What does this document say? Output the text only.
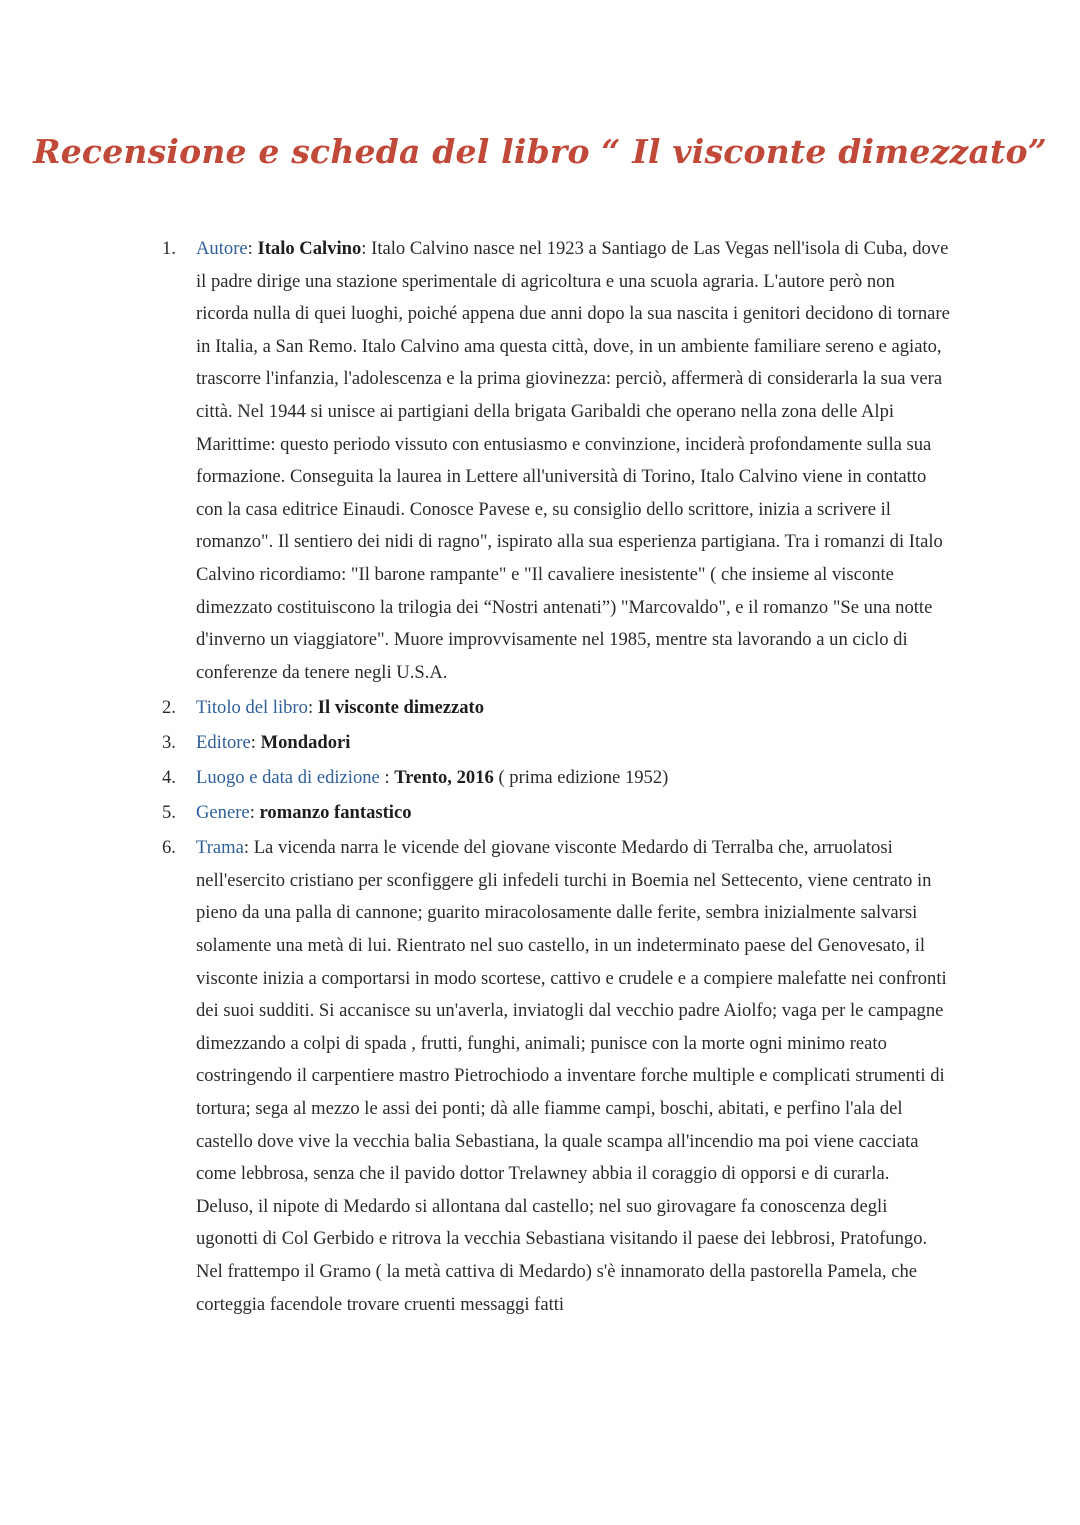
Recensione e scheda del libro “ Il visconte dimezzato”
1. Autore: Italo Calvino: Italo Calvino nasce nel 1923 a Santiago de Las Vegas nell'isola di Cuba, dove il padre dirige una stazione sperimentale di agricoltura e una scuola agraria. L'autore però non ricorda nulla di quei luoghi, poiché appena due anni dopo la sua nascita i genitori decidono di tornare in Italia, a San Remo. Italo Calvino ama questa città, dove, in un ambiente familiare sereno e agiato, trascorre l'infanzia, l'adolescenza e la prima giovinezza: perciò, affermerà di considerarla la sua vera città. Nel 1944 si unisce ai partigiani della brigata Garibaldi che operano nella zona delle Alpi Marittime: questo periodo vissuto con entusiasmo e convinzione, inciderà profondamente sulla sua formazione. Conseguita la laurea in Lettere all'università di Torino, Italo Calvino viene in contatto con la casa editrice Einaudi. Conosce Pavese e, su consiglio dello scrittore, inizia a scrivere il romanzo". Il sentiero dei nidi di ragno", ispirato alla sua esperienza partigiana. Tra i romanzi di Italo Calvino ricordiamo: "Il barone rampante" e "Il cavaliere inesistente" ( che insieme al visconte dimezzato costituiscono la trilogia dei “Nostri antenati”) "Marcovaldo", e il romanzo "Se una notte d'inverno un viaggiatore". Muore improvvisamente nel 1985, mentre sta lavorando a un ciclo di conferenze da tenere negli U.S.A.
2. Titolo del libro: Il visconte dimezzato
3. Editore: Mondadori
4. Luogo e data di edizione : Trento, 2016 ( prima edizione 1952)
5. Genere: romanzo fantastico
6. Trama: La vicenda narra le vicende del giovane visconte Medardo di Terralba che, arruolatosi nell'esercito cristiano per sconfiggere gli infedeli turchi in Boemia nel Settecento, viene centrato in pieno da una palla di cannone; guarito miracolosamente dalle ferite, sembra inizialmente salvarsi solamente una metà di lui. Rientrato nel suo castello, in un indeterminato paese del Genovesato, il visconte inizia a comportarsi in modo scortese, cattivo e crudele e a compiere malefatte nei confronti dei suoi sudditi. Si accanisce su un'averla, inviatogli dal vecchio padre Aiolfo; vaga per le campagne dimezzando a colpi di spada , frutti, funghi, animali; punisce con la morte ogni minimo reato costringendo il carpentiere mastro Pietrochiodo a inventare forche multiple e complicati strumenti di tortura; sega al mezzo le assi dei ponti; dà alle fiamme campi, boschi, abitati, e perfino l'ala del castello dove vive la vecchia balia Sebastiana, la quale scampa all'incendio ma poi viene cacciata come lebbrosa, senza che il pavido dottor Trelawney abbia il coraggio di opporsi e di curarla. Deluso, il nipote di Medardo si allontana dal castello; nel suo girovagare fa conoscenza degli ugonotti di Col Gerbido e ritrova la vecchia Sebastiana visitando il paese dei lebbrosi, Pratofungo. Nel frattempo il Gramo ( la metà cattiva di Medardo) s'è innamorato della pastorella Pamela, che corteggia facendole trovare cruenti messaggi fatti
